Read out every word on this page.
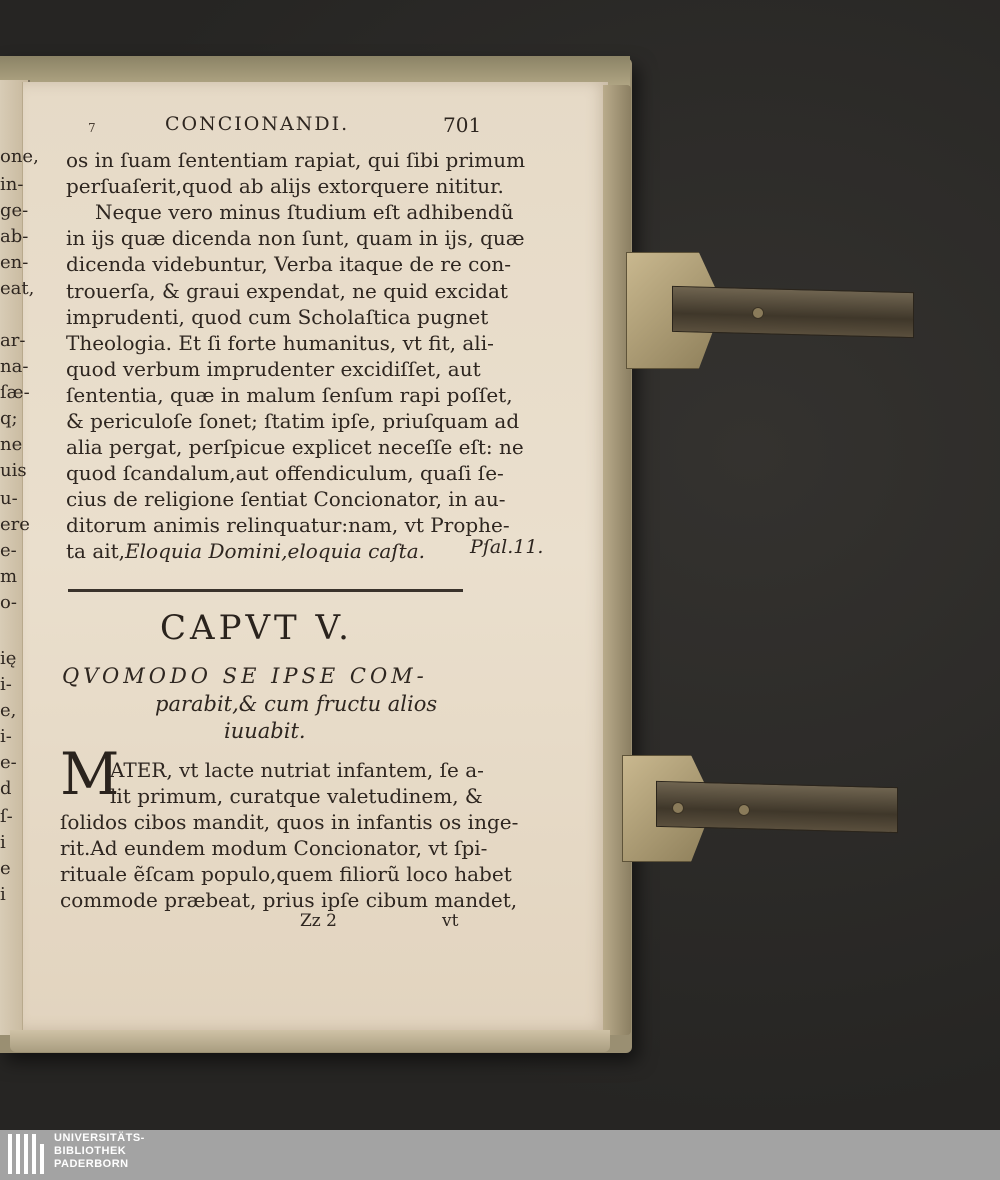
one,
in-
ge-
ab-
en-
eat,
ar-
na-
ſæ-
q;
ne
uis
u-
ere
e-
m
o-
ię
i-
e,
i-
e-
d
ſ-
i
e
i
7	CONCIONANDI.	701
os in ſuam ſententiam rapiat, qui ſibi primum
perſuaſerit,quod ab alijs extorquere nititur.
Neque vero minus ſtudium eſt adhibendũ
in ijs quæ dicenda non ſunt, quam in ijs, quæ
dicenda videbuntur, Verba itaque de re con-
trouerſa, & graui expendat, ne quid excidat
imprudenti, quod cum Scholaſtica pugnet
Theologia. Et ſi forte humanitus, vt fit, ali-
quod verbum imprudenter excidiſſet, aut
ſententia, quæ in malum ſenſum rapi poſſet,
& periculoſe ſonet; ſtatim ipſe, priuſquam ad
alia pergat, perſpicue explicet neceſſe eſt: ne
quod ſcandalum,aut offendiculum, quaſi ſe-
cius de religione ſentiat Concionator, in au-
ditorum animis relinquatur:nam, vt Prophe-
ta ait,Eloquia Domini,eloquia caſta. Pſal.11.
CAPVT V.
QVOMODO SE IPSE COM-
parabit,& cum fructu alios
iuuabit.
M
ATER, vt lacte nutriat infantem, ſe a-
lit primum, curatque valetudinem, &
ſolidos cibos mandit, quos in infantis os inge-
rit.Ad eundem modum Concionator, vt ſpi-
rituale ẽſcam populo,quem filiorũ loco habet
commode præbeat, prius ipſe cibum mandet,
Zz 2	vt
UNIVERSITÄTS-
BIBLIOTHEK
PADERBORN
